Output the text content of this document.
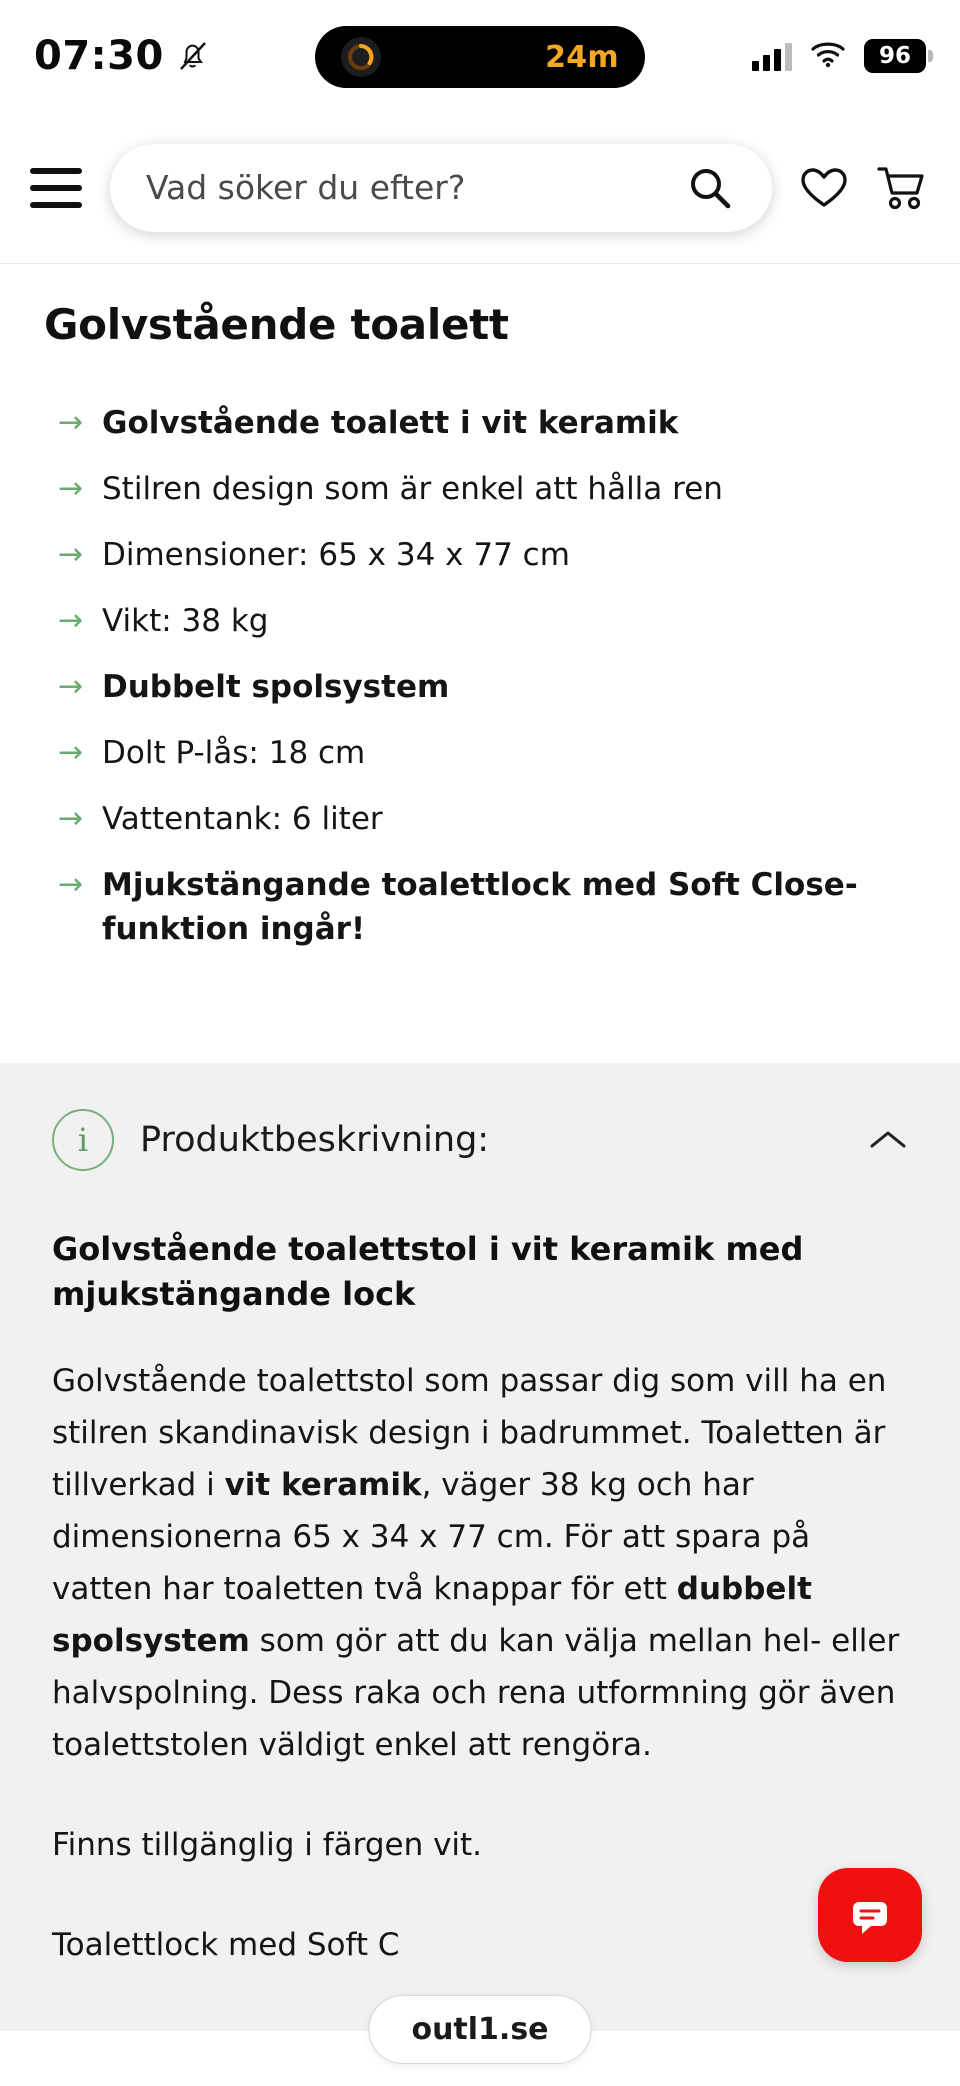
07:30	24m	96
Vad söker du efter?
Golvstående toalett
→ Golvstående toalett i vit keramik
→ Stilren design som är enkel att hålla ren
→ Dimensioner: 65 x 34 x 77 cm
→ Vikt: 38 kg
→ Dubbelt spolsystem
→ Dolt P-lås: 18 cm
→ Vattentank: 6 liter
→ Mjukstängande toalettlock med Soft Close-funktion ingår!
i	Produktbeskrivning:
Golvstående toalettstol i vit keramik med mjukstängande lock
Golvstående toalettstol som passar dig som vill ha en stilren skandinavisk design i badrummet. Toaletten är tillverkad i vit keramik, väger 38 kg och har dimensionerna 65 x 34 x 77 cm. För att spara på vatten har toaletten två knappar för ett dubbelt spolsystem som gör att du kan välja mellan hel- eller halvspolning. Dess raka och rena utformning gör även toalettstolen väldigt enkel att rengöra.
Finns tillgänglig i färgen vit.
Toalettlock med Soft C
outl1.se
